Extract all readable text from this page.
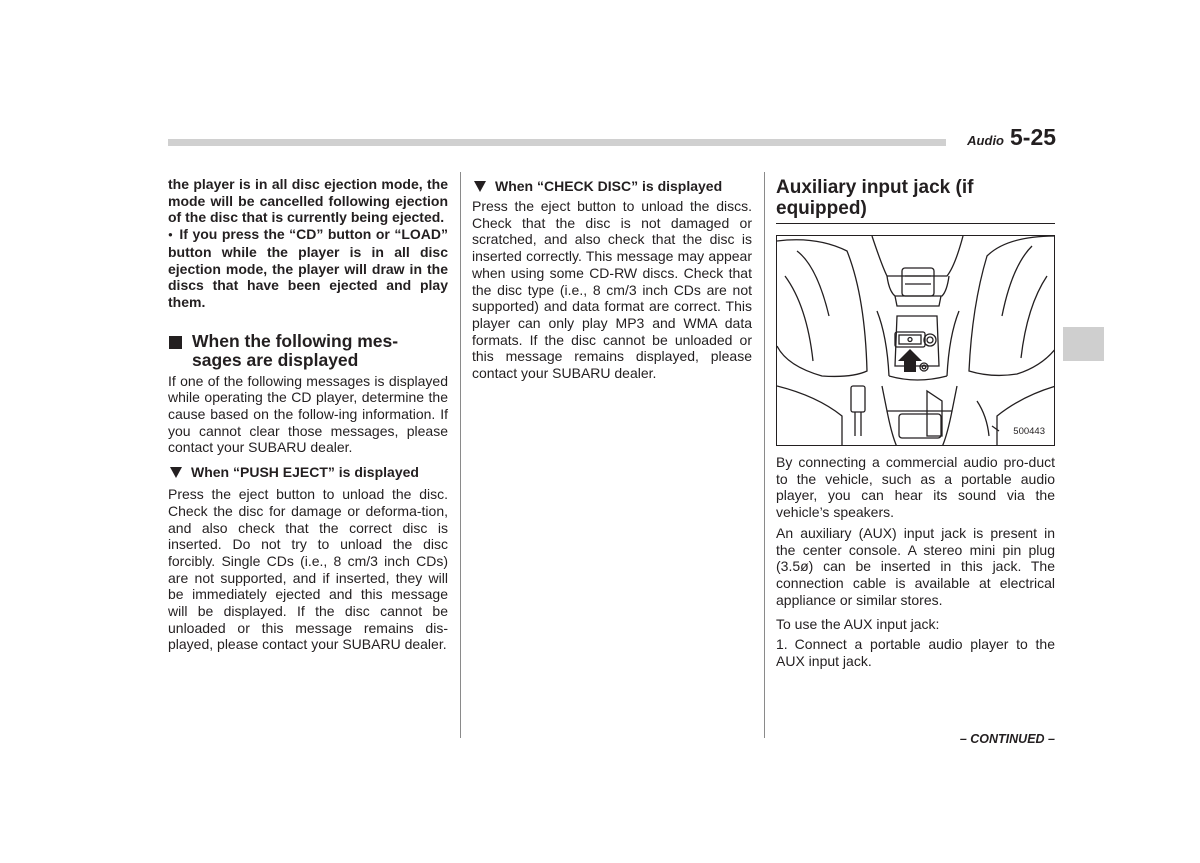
Audio 5-25

the player is in all disc ejection mode, the mode will be cancelled following ejection of the disc that is currently being ejected.

● If you press the “CD” button or “LOAD” button while the player is in all disc ejection mode, the player will draw in the discs that have been ejected and play them.

When the following mes-
sages are displayed

If one of the following messages is displayed while operating the CD player, determine the cause based on the follow-ing information. If you cannot clear those messages, please contact your SUBARU dealer.

When “PUSH EJECT” is displayed

Press the eject button to unload the disc. Check the disc for damage or deforma-tion, and also check that the correct disc is inserted. Do not try to unload the disc forcibly. Single CDs (i.e., 8 cm/3 inch CDs) are not supported, and if inserted, they will be immediately ejected and this message will be displayed. If the disc cannot be unloaded or this message remains dis-played, please contact your SUBARU dealer.

When “CHECK DISC” is displayed

Press the eject button to unload the discs. Check that the disc is not damaged or scratched, and also check that the disc is inserted correctly. This message may appear when using some CD-RW discs. Check that the disc type (i.e., 8 cm/3 inch CDs are not supported) and data format are correct. This player can only play MP3 and WMA data formats. If the disc cannot be unloaded or this message remains displayed, please contact your SUBARU dealer.

Auxiliary input jack (if
equipped)
500443

By connecting a commercial audio pro-duct to the vehicle, such as a portable audio player, you can hear its sound via the vehicle’s speakers.

An auxiliary (AUX) input jack is present in the center console. A stereo mini pin plug (3.5ø) can be inserted in this jack. The connection cable is available at electrical appliance or similar stores.

To use the AUX input jack:

1. Connect a portable audio player to the AUX input jack.

– CONTINUED –
